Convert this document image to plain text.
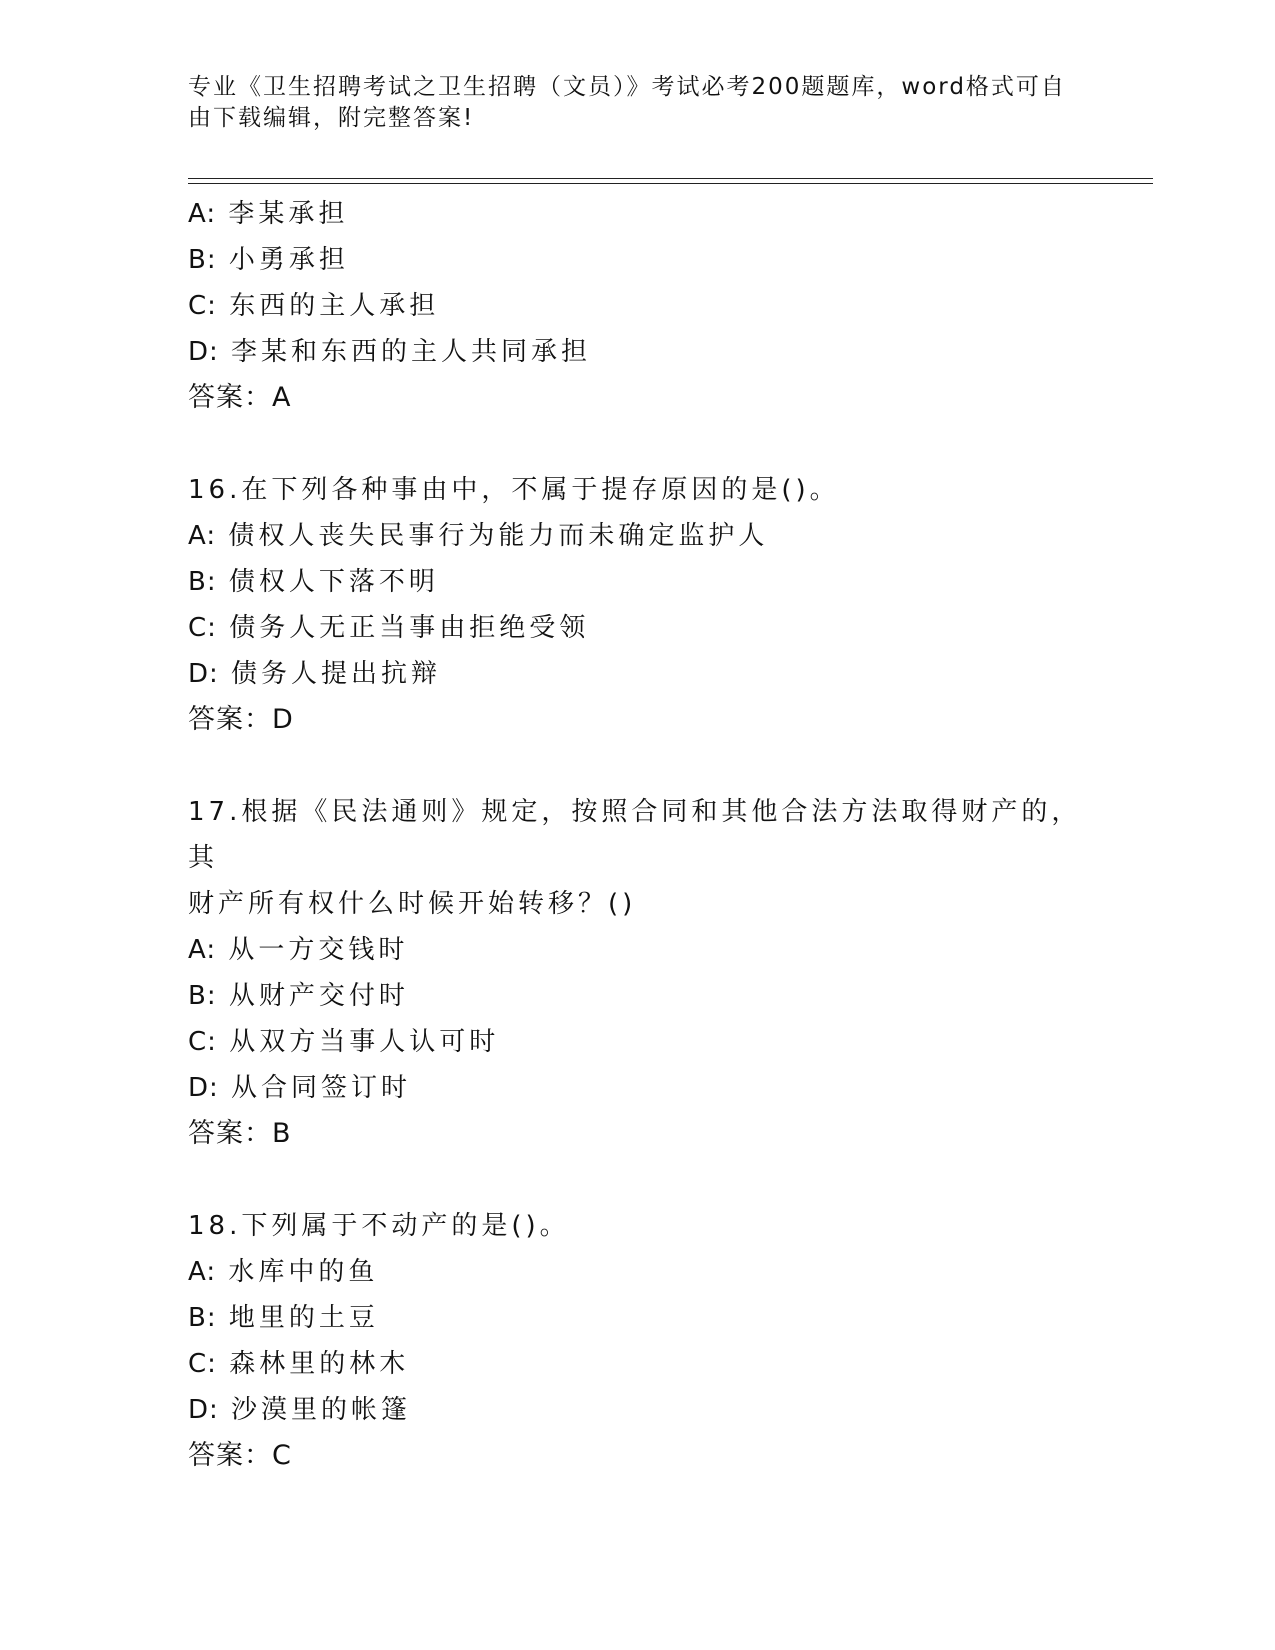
专业《卫生招聘考试之卫生招聘（文员）》考试必考200题题库，word格式可自
由下载编辑，附完整答案!

A: 李某承担

B: 小勇承担

C: 东西的主人承担

D: 李某和东西的主人共同承担

答案：A

16.在下列各种事由中，不属于提存原因的是()。

A: 债权人丧失民事行为能力而未确定监护人

B: 债权人下落不明

C: 债务人无正当事由拒绝受领

D: 债务人提出抗辩

答案：D

17.根据《民法通则》规定，按照合同和其他合法方法取得财产的，其

财产所有权什么时候开始转移？()

A: 从一方交钱时

B: 从财产交付时

C: 从双方当事人认可时

D: 从合同签订时

答案：B

18.下列属于不动产的是()。

A: 水库中的鱼

B: 地里的土豆

C: 森林里的林木

D: 沙漠里的帐篷

答案：C
